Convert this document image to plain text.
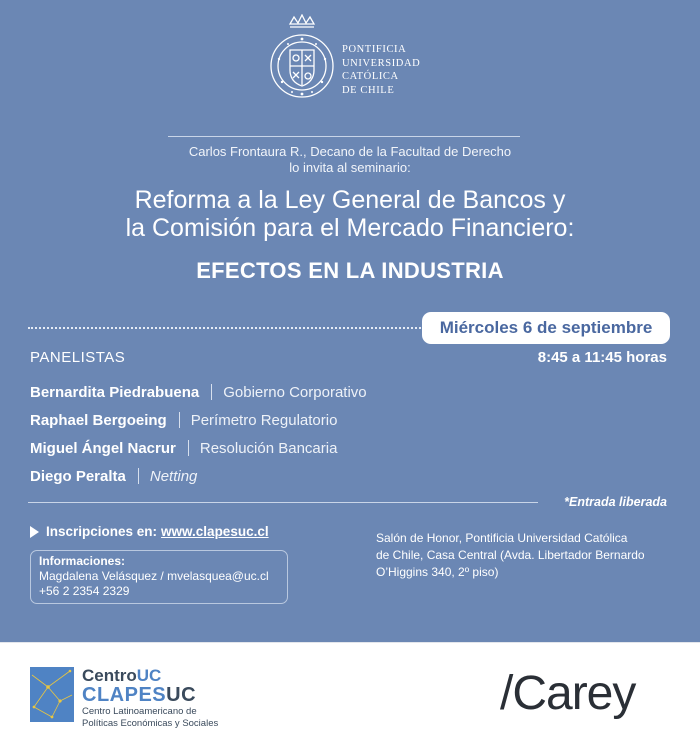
PONTIFICIA
UNIVERSIDAD
CATÓLICA
DE CHILE
Carlos Frontaura R., Decano de la Facultad de Derecho
lo invita al seminario:
Reforma a la Ley General de Bancos y
la Comisión para el Mercado Financiero:
EFECTOS EN LA INDUSTRIA
Miércoles 6 de septiembre
8:45 a 11:45 horas
PANELISTAS
Bernardita Piedrabuena Gobierno Corporativo
Raphael Bergoeing Perímetro Regulatorio
Miguel Ángel Nacrur Resolución Bancaria
Diego Peralta Netting
*Entrada liberada
Inscripciones en: www.clapesuc.cl
Informaciones:
Magdalena Velásquez / mvelasquea@uc.cl
+56 2 2354 2329
Salón de Honor, Pontificia Universidad Católica
de Chile, Casa Central (Avda. Libertador Bernardo
O’Higgins 340, 2º piso)
CentroUC
CLAPESUC
Centro Latinoamericano de
Políticas Económicas y Sociales
/Carey
